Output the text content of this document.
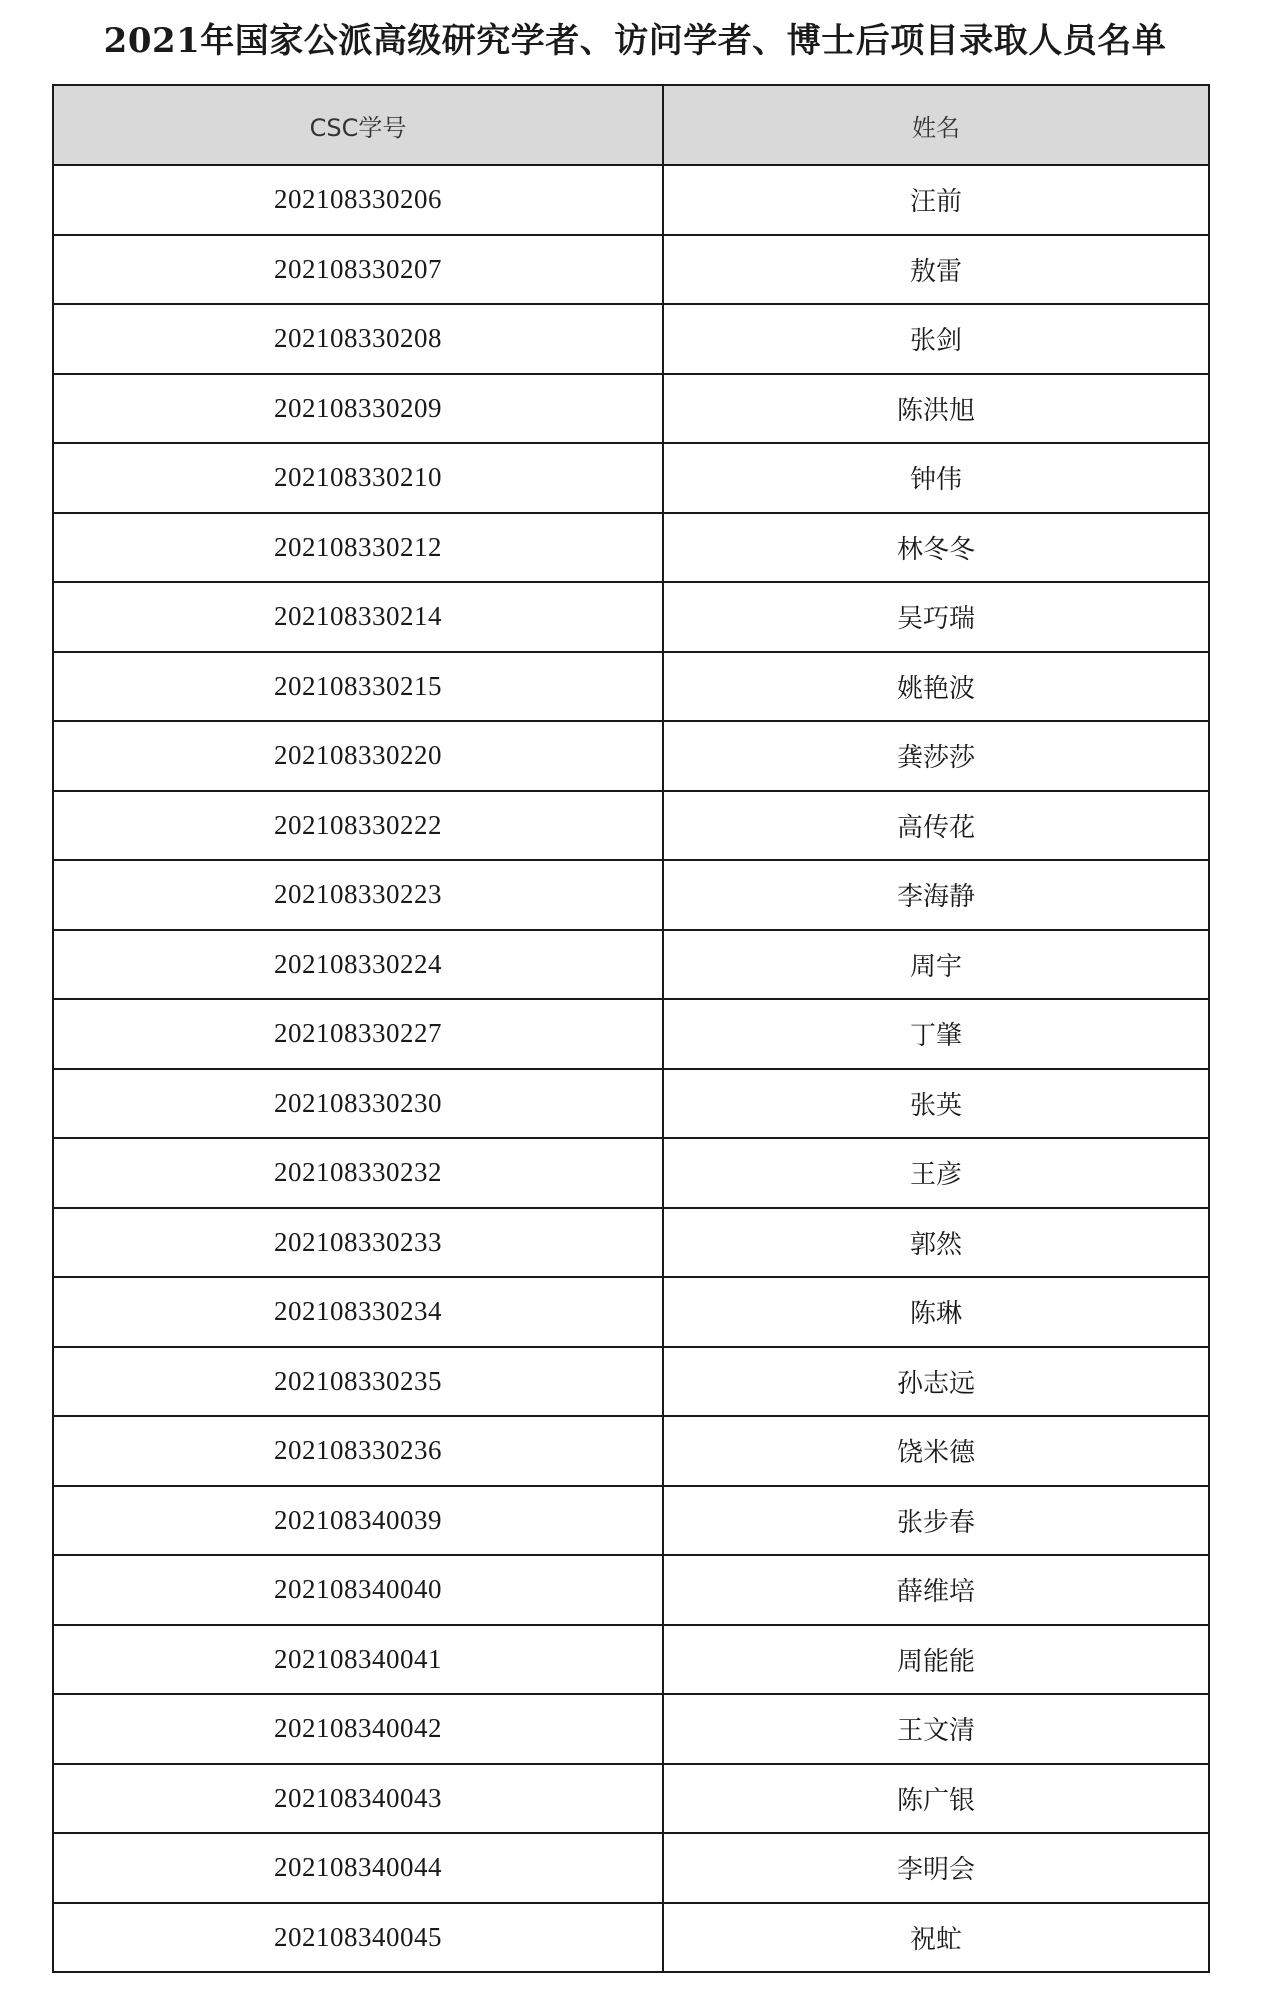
2021年国家公派高级研究学者、访问学者、博士后项目录取人员名单
CSC学号	姓名
202108330206	汪前
202108330207	敖雷
202108330208	张剑
202108330209	陈洪旭
202108330210	钟伟
202108330212	林冬冬
202108330214	吴巧瑞
202108330215	姚艳波
202108330220	龚莎莎
202108330222	高传花
202108330223	李海静
202108330224	周宇
202108330227	丁肇
202108330230	张英
202108330232	王彦
202108330233	郭然
202108330234	陈琳
202108330235	孙志远
202108330236	饶米德
202108340039	张步春
202108340040	薛维培
202108340041	周能能
202108340042	王文清
202108340043	陈广银
202108340044	李明会
202108340045	祝虻
